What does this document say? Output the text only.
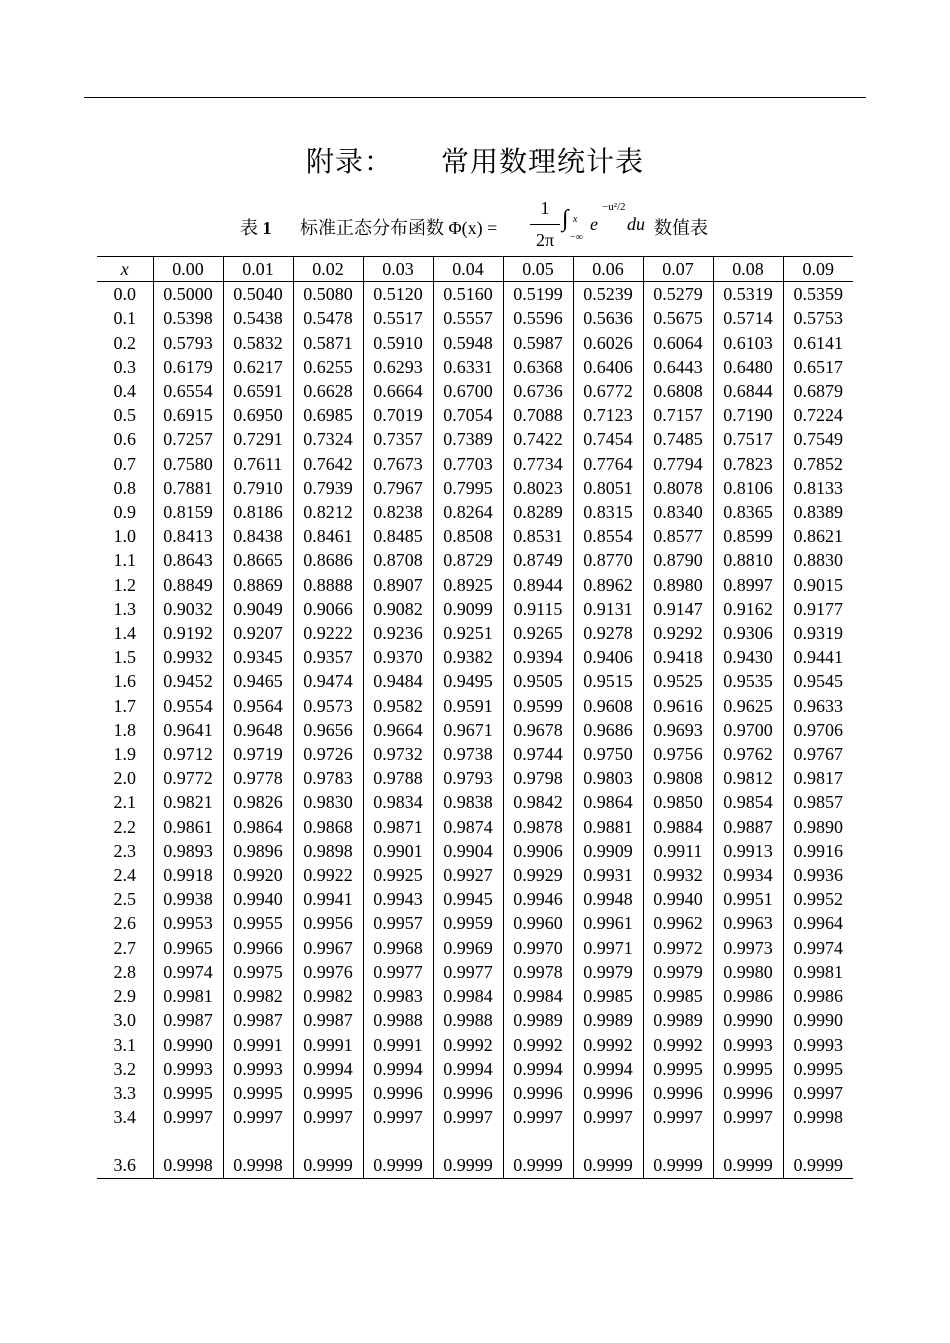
附录：      常用数理统计表
表 1 标准正态分布函数 Φ(x) =
1
2π
∫ x
−∞
e
−u²/2
du 数值表
x	0.00	0.01	0.02	0.03	0.04	0.05	0.06	0.07	0.08	0.09
0.0	0.5000	0.5040	0.5080	0.5120	0.5160	0.5199	0.5239	0.5279	0.5319	0.5359
0.1	0.5398	0.5438	0.5478	0.5517	0.5557	0.5596	0.5636	0.5675	0.5714	0.5753
0.2	0.5793	0.5832	0.5871	0.5910	0.5948	0.5987	0.6026	0.6064	0.6103	0.6141
0.3	0.6179	0.6217	0.6255	0.6293	0.6331	0.6368	0.6406	0.6443	0.6480	0.6517
0.4	0.6554	0.6591	0.6628	0.6664	0.6700	0.6736	0.6772	0.6808	0.6844	0.6879
0.5	0.6915	0.6950	0.6985	0.7019	0.7054	0.7088	0.7123	0.7157	0.7190	0.7224
0.6	0.7257	0.7291	0.7324	0.7357	0.7389	0.7422	0.7454	0.7485	0.7517	0.7549
0.7	0.7580	0.7611	0.7642	0.7673	0.7703	0.7734	0.7764	0.7794	0.7823	0.7852
0.8	0.7881	0.7910	0.7939	0.7967	0.7995	0.8023	0.8051	0.8078	0.8106	0.8133
0.9	0.8159	0.8186	0.8212	0.8238	0.8264	0.8289	0.8315	0.8340	0.8365	0.8389
1.0	0.8413	0.8438	0.8461	0.8485	0.8508	0.8531	0.8554	0.8577	0.8599	0.8621
1.1	0.8643	0.8665	0.8686	0.8708	0.8729	0.8749	0.8770	0.8790	0.8810	0.8830
1.2	0.8849	0.8869	0.8888	0.8907	0.8925	0.8944	0.8962	0.8980	0.8997	0.9015
1.3	0.9032	0.9049	0.9066	0.9082	0.9099	0.9115	0.9131	0.9147	0.9162	0.9177
1.4	0.9192	0.9207	0.9222	0.9236	0.9251	0.9265	0.9278	0.9292	0.9306	0.9319
1.5	0.9932	0.9345	0.9357	0.9370	0.9382	0.9394	0.9406	0.9418	0.9430	0.9441
1.6	0.9452	0.9465	0.9474	0.9484	0.9495	0.9505	0.9515	0.9525	0.9535	0.9545
1.7	0.9554	0.9564	0.9573	0.9582	0.9591	0.9599	0.9608	0.9616	0.9625	0.9633
1.8	0.9641	0.9648	0.9656	0.9664	0.9671	0.9678	0.9686	0.9693	0.9700	0.9706
1.9	0.9712	0.9719	0.9726	0.9732	0.9738	0.9744	0.9750	0.9756	0.9762	0.9767
2.0	0.9772	0.9778	0.9783	0.9788	0.9793	0.9798	0.9803	0.9808	0.9812	0.9817
2.1	0.9821	0.9826	0.9830	0.9834	0.9838	0.9842	0.9864	0.9850	0.9854	0.9857
2.2	0.9861	0.9864	0.9868	0.9871	0.9874	0.9878	0.9881	0.9884	0.9887	0.9890
2.3	0.9893	0.9896	0.9898	0.9901	0.9904	0.9906	0.9909	0.9911	0.9913	0.9916
2.4	0.9918	0.9920	0.9922	0.9925	0.9927	0.9929	0.9931	0.9932	0.9934	0.9936
2.5	0.9938	0.9940	0.9941	0.9943	0.9945	0.9946	0.9948	0.9940	0.9951	0.9952
2.6	0.9953	0.9955	0.9956	0.9957	0.9959	0.9960	0.9961	0.9962	0.9963	0.9964
2.7	0.9965	0.9966	0.9967	0.9968	0.9969	0.9970	0.9971	0.9972	0.9973	0.9974
2.8	0.9974	0.9975	0.9976	0.9977	0.9977	0.9978	0.9979	0.9979	0.9980	0.9981
2.9	0.9981	0.9982	0.9982	0.9983	0.9984	0.9984	0.9985	0.9985	0.9986	0.9986
3.0	0.9987	0.9987	0.9987	0.9988	0.9988	0.9989	0.9989	0.9989	0.9990	0.9990
3.1	0.9990	0.9991	0.9991	0.9991	0.9992	0.9992	0.9992	0.9992	0.9993	0.9993
3.2	0.9993	0.9993	0.9994	0.9994	0.9994	0.9994	0.9994	0.9995	0.9995	0.9995
3.3	0.9995	0.9995	0.9995	0.9996	0.9996	0.9996	0.9996	0.9996	0.9996	0.9997
3.4	0.9997	0.9997	0.9997	0.9997	0.9997	0.9997	0.9997	0.9997	0.9997	0.9998

3.6	0.9998	0.9998	0.9999	0.9999	0.9999	0.9999	0.9999	0.9999	0.9999	0.9999
